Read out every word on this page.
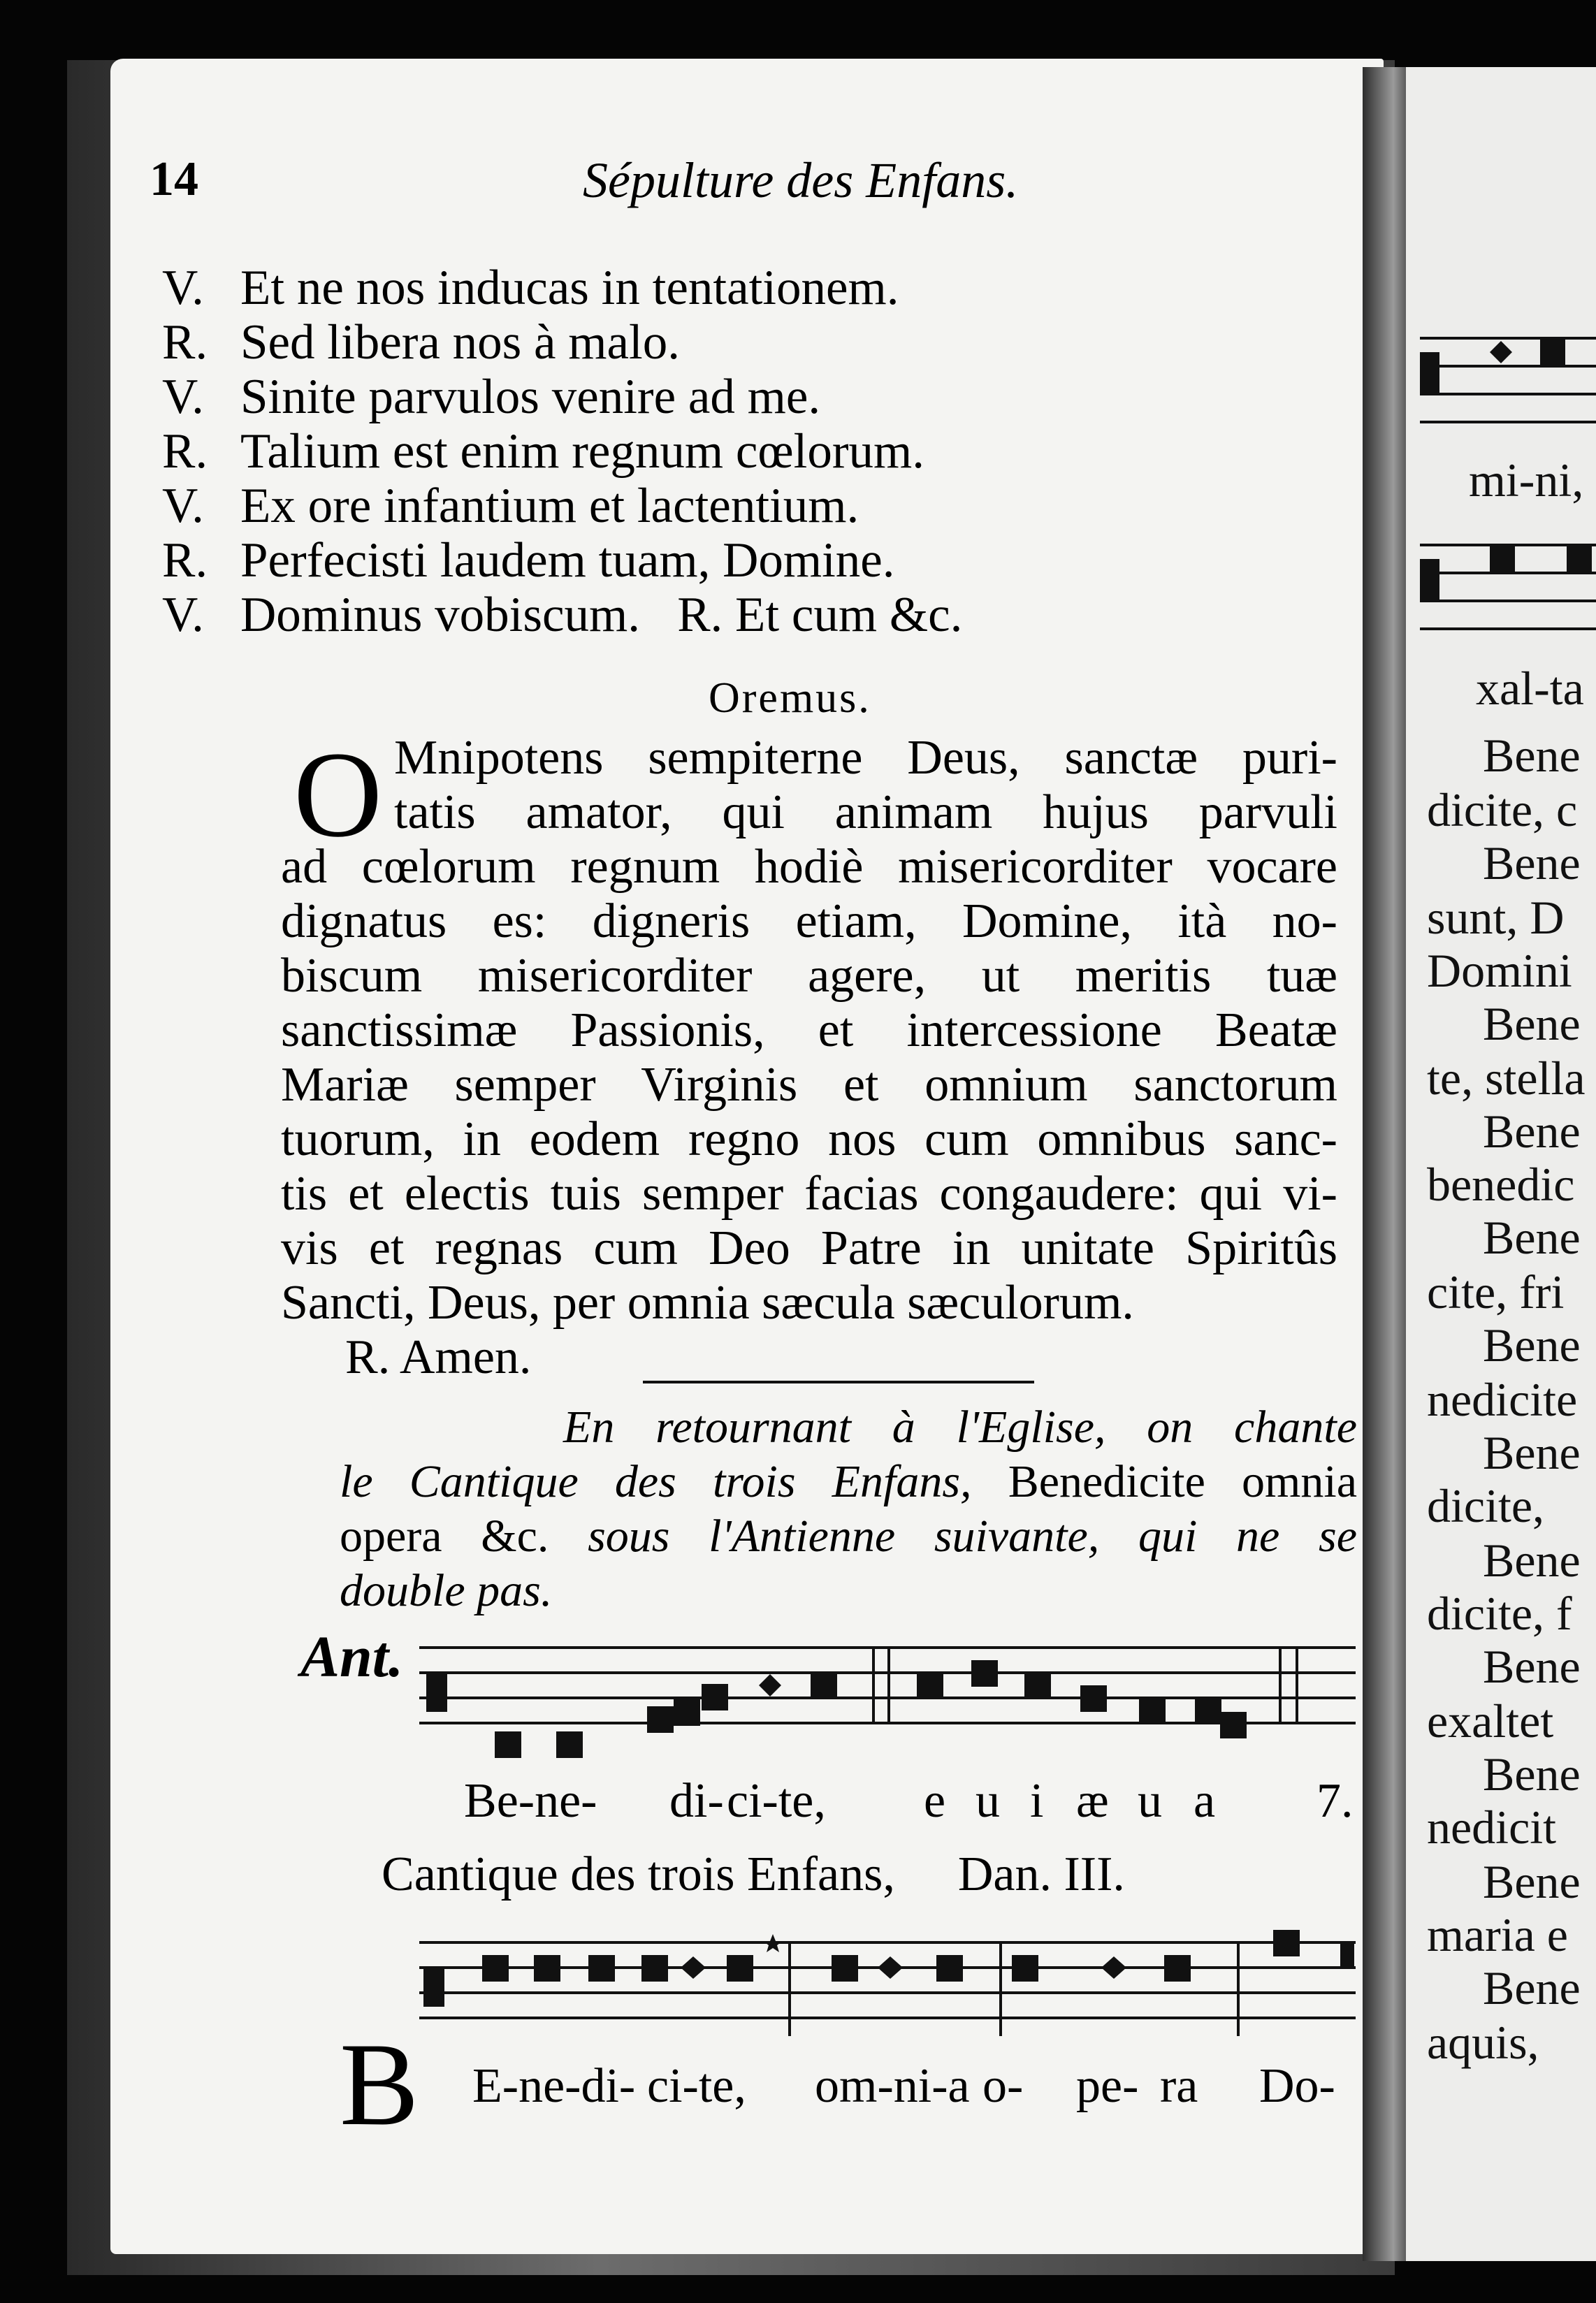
mi-ni,
xal-ta
Bene
dicite, c
Bene
sunt, D
Domini
Bene
te, stella
Bene
benedic
Bene
cite, fri
Bene
nedicite
Bene
dicite,
Bene
dicite, f
Bene
exaltet
Bene
nedicit
Bene
maria e
Bene
aquis,
14	Sépulture des Enfans.
V. Et ne nos inducas in tentationem.
R. Sed libera nos à malo.
V. Sinite parvulos venire ad me.
R. Talium est enim regnum cœlorum.
V. Ex ore infantium et lactentium.
R. Perfecisti laudem tuam, Domine.
V. Dominus vobiscum.   R. Et cum &c.
Oremus.
O Mnipotens sempiterne Deus, sanctæ puri-
tatis amator, qui animam hujus parvuli
ad cœlorum regnum hodiè misericorditer vocare
dignatus es: digneris etiam, Domine, ità no-
biscum misericorditer agere, ut meritis tuæ
sanctissimæ Passionis, et intercessione Beatæ
Mariæ semper Virginis et omnium sanctorum
tuorum, in eodem regno nos cum omnibus sanc-
tis et electis tuis semper facias congaudere: qui vi-
vis et regnas cum Deo Patre in unitate Spiritûs
Sancti, Deus, per omnia sæcula sæculorum.
R. Amen.
En retournant à l'Eglise, on chante
le Cantique des trois Enfans, Benedicite omnia
opera &c. sous l'Antienne suivante, qui ne se
double pas.
Ant.
Be-ne- di- ci-te, e u i æ u a 7.
Cantique des trois Enfans, Dan. III.
B E-ne-di- ci-te, om-ni-a o- pe- ra Do-
